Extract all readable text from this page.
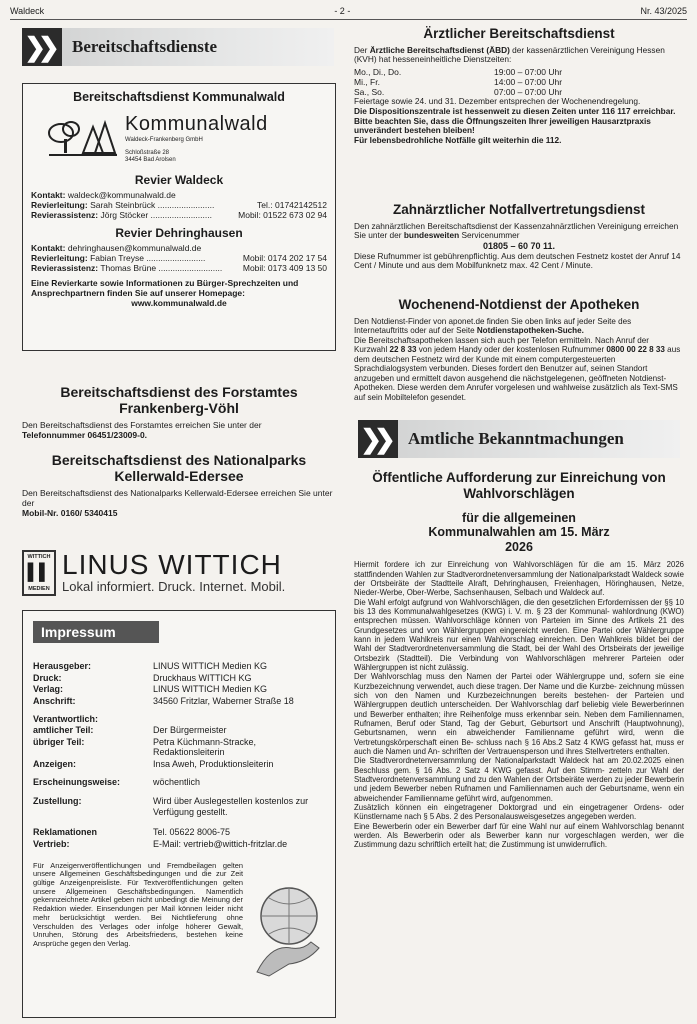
Waldeck	- 2 -	Nr. 43/2025
❯❯	Bereitschaftsdienste
Bereitschaftsdienst Kommunalwald
Kommunalwald
Waldeck-Frankenberg GmbH
Schloßstraße 28
34454 Bad Arolsen
Revier Waldeck
Kontakt: waldeck@kommunalwald.de
Revierleitung: Sarah Steinbrück ........................	Tel.: 01742142512
Revierassistenz: Jörg Stöcker ..........................	Mobil: 01522 673 02 94
Revier Dehringhausen
Kontakt: dehringhausen@kommunalwald.de
Revierleitung: Fabian Treyse .........................	Mobil: 0174 202 17 54
Revierassistenz: Thomas Brüne ........................... Mobil: 0173 409 13 50

Eine Revierkarte sowie Informationen zu Bürger-Sprechzeiten und Ansprechpartnern finden Sie auf unserer Homepage:

www.kommunalwald.de

Bereitschaftsdienst des Forstamtes Frankenberg-Vöhl

Den Bereitschaftsdienst des Forstamtes erreichen Sie unter der

Telefonnummer 06451/23009-0.

Bereitschaftsdienst des Nationalparks Kellerwald-Edersee

Den Bereitschaftsdienst des Nationalparks Kellerwald-Edersee erreichen Sie unter der

Mobil-Nr. 0160/ 5340415

WITTICH
▌▌
MEDIEN
LINUS WITTICH
Lokal informiert. Druck. Internet. Mobil.
Impressum
Herausgeber:	LINUS WITTICH Medien KG
Druck:	Druckhaus WITTICH KG
Verlag:	LINUS WITTICH Medien KG
Anschrift:	34560 Fritzlar, Waberner Straße 18
Verantwortlich:
amtlicher Teil:	Der Bürgermeister
übriger Teil:	Petra Küchmann-Stracke, Redaktionsleiterin
Anzeigen:	Insa Aweh, Produktionsleiterin
Erscheinungsweise:	wöchentlich
Zustellung:	Wird über Auslegestellen kostenlos zur Verfügung gestellt.
Reklamationen	Tel. 05622 8006-75
Vertrieb:	E-Mail: vertrieb@wittich-fritzlar.de

Für Anzeigenveröffentlichungen und Fremdbeilagen gelten unsere Allgemeinen Geschäftsbedingungen und die zur Zeit gültige Anzeigenpreisliste. Für Textveröffentlichungen gelten unsere Allgemeinen Geschäftsbedingungen. Namentlich gekennzeichnete Artikel geben nicht unbedingt die Meinung der Redaktion wieder. Einsendungen per Mail können leider nicht mehr berücksichtigt werden. Bei Nichtlieferung ohne Verschulden des Verlages oder infolge höherer Gewalt, Unruhen, Störung des Arbeitsfriedens, bestehen keine Ansprüche gegen den Verlag.

Ärztlicher Bereitschaftsdienst

Der Ärztliche Bereitschaftsdienst (ÄBD) der kassenärztlichen Vereinigung Hessen (KVH) hat hesseneinheitliche Dienstzeiten:

Mo., Di., Do.	19:00 – 07:00 Uhr
Mi., Fr.	14:00 – 07:00 Uhr
Sa., So.	07:00 – 07:00 Uhr

Feiertage sowie 24. und 31. Dezember entsprechen der Wochenendregelung.

Die Dispositionszentrale ist hessenweit zu diesen Zeiten unter 116 117 erreichbar.

Bitte beachten Sie, dass die Öffnungszeiten Ihrer jeweiligen Hausarztpraxis unverändert bestehen bleiben!

Für lebensbedrohliche Notfälle gilt weiterhin die 112.

Zahnärztlicher Notfallvertretungsdienst

Den zahnärztlichen Bereitschaftsdienst der Kassenzahnärztlichen Vereinigung erreichen Sie unter der bundesweiten Servicenummer

01805 – 60 70 11.

Diese Rufnummer ist gebührenpflichtig. Aus dem deutschen Festnetz kostet der Anruf 14 Cent / Minute und aus dem Mobilfunknetz max. 42 Cent / Minute.

Wochenend-Notdienst der Apotheken

Den Notdienst-Finder von aponet.de finden Sie oben links auf jeder Seite des Internetauftritts oder auf der Seite Notdienstapotheken-Suche.

Die Bereitschaftsapotheken lassen sich auch per Telefon ermitteln. Nach Anruf der Kurzwahl 22 8 33 von jedem Handy oder der kostenlosen Rufnummer 0800 00 22 8 33 aus dem deutschen Festnetz wird der Kunde mit einem computergesteuerten Sprachdialogsystem verbunden. Dieses fordert den Benutzer auf, seinen Standort anzugeben und ermittelt davon ausgehend die nächstgelegenen, geöffneten Notdienst-Apotheken. Diese werden dem Anrufer vorgelesen und wahlweise zusätzlich als Text-SMS auf sein Mobiltelefon gesendet.

❯❯	Amtliche Bekanntmachungen
Öffentliche Aufforderung zur Einreichung von Wahlvorschlägen
für die allgemeinen Kommunalwahlen am 15. März 2026

Hiermit fordere ich zur Einreichung von Wahlvorschlägen für die am 15. März 2026 stattfindenden Wahlen zur Stadtverordnetenversammlung der Nationalparkstadt Waldeck sowie der Ortsbeiräte der Stadtteile Alraft, Dehringhausen, Freienhagen, Höringhausen, Netze, Nieder-Werbe, Ober-Werbe, Sachsenhausen, Selbach und Waldeck auf.
Die Wahl erfolgt aufgrund von Wahlvorschlägen, die den gesetzlichen Erfordernissen der §§ 10 bis 13 des Kommunalwahlgesetzes (KWG) i. V. m. § 23 der Kommunal- wahlordnung (KWO) entsprechen müssen. Wahlvorschläge können von Parteien im Sinne des Artikels 21 des Grundgesetzes und von Wählergruppen eingereicht werden. Eine Partei oder Wählergruppe kann in jedem Wahlkreis nur einen Wahlvorschlag einreichen. Den Wahlkreis bildet bei der Wahl der Stadtverordnetenversammlung die Stadt, bei der Wahl des Ortsbeirats der jeweilige Ortsbezirk (Stadtteil). Die Verbindung von Wahlvorschlägen mehrerer Parteien oder Wählergruppen ist nicht zulässig.
Der Wahlvorschlag muss den Namen der Partei oder Wählergruppe und, sofern sie eine Kurzbezeichnung verwendet, auch diese tragen. Der Name und die Kurzbe- zeichnung müssen sich von den Namen und Kurzbezeichnungen bereits bestehen- der Parteien und Wählergruppen deutlich unterscheiden. Der Wahlvorschlag darf beliebig viele Bewerberinnen und Bewerber enthalten; ihre Reihenfolge muss erkennbar sein. Neben dem Familiennamen, Rufnamen, Beruf oder Stand, Tag der Geburt, Geburtsort und Anschrift (Hauptwohnung), Geburtsnamen, wenn ein abweichender Familienname geführt wird, wenn die Vertretungskörperschaft einen Be- schluss nach § 16 Abs.2 Satz 4 KWG gefasst hat, muss er auch die Namen und An- schriften der Vertrauensperson und ihres Stellvertreters enthalten.
Die Stadtverordnetenversammlung der Nationalparkstadt Waldeck hat am 20.02.2025 einen Beschluss gem. § 16 Abs. 2 Satz 4 KWG gefasst. Auf den Stimm- zetteln zur Wahl der Stadtverordnetenversammlung und zu den Wahlen der Ortsbeiräte werden zu jeder Bewerberin und jedem Bewerber neben Rufnamen und Familiennamen auch der Geburtsname, wenn ein abweichender Familienname geführt wird, aufgenommen.
Zusätzlich können ein eingetragener Doktorgrad und ein eingetragener Ordens- oder Künstlername nach § 5 Abs. 2 des Personalausweisgesetzes angegeben werden.
Eine Bewerberin oder ein Bewerber darf für eine Wahl nur auf einem Wahlvorschlag benannt werden. Als Bewerberin oder als Bewerber kann nur vorgeschlagen werden, wer die Zustimmung dazu schriftlich erteilt hat; die Zustimmung ist unwiderruflich.
